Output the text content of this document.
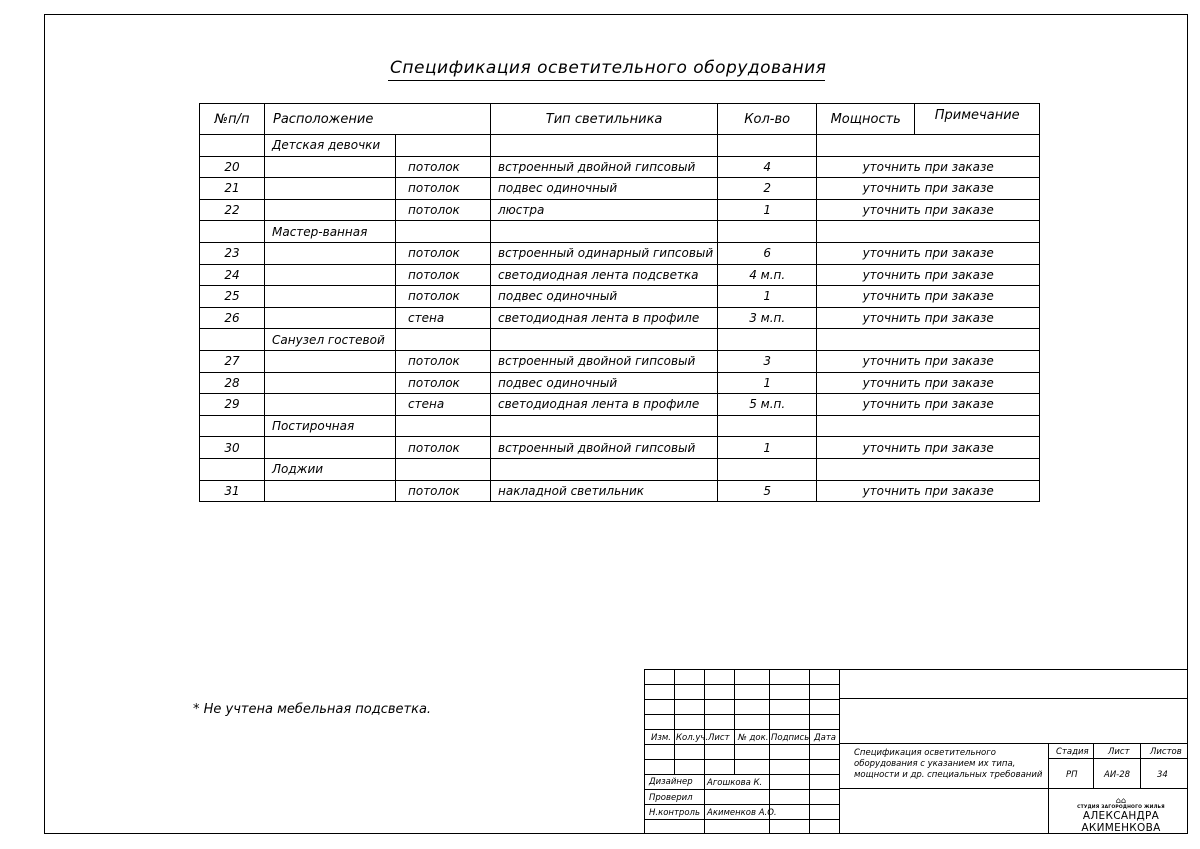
Спецификация осветительного оборудования
№п/п	Расположение		Тип светильника	Кол-во	Мощность	Примечание
	Детская девочки					
20		потолок	встроенный двойной гипсовый	4	уточнить при заказе	
21		потолок	подвес одиночный	2	уточнить при заказе	
22		потолок	люстра	1	уточнить при заказе	
	Мастер-ванная					
23		потолок	встроенный одинарный гипсовый	6	уточнить при заказе	
24		потолок	светодиодная лента подсветка	4 м.п.	уточнить при заказе	
25		потолок	подвес одиночный	1	уточнить при заказе	
26		стена	светодиодная лента в профиле	3 м.п.	уточнить при заказе	
	Санузел гостевой					
27		потолок	встроенный двойной гипсовый	3	уточнить при заказе	
28		потолок	подвес одиночный	1	уточнить при заказе	
29		стена	светодиодная лента в профиле	5 м.п.	уточнить при заказе	
	Постирочная					
30		потолок	встроенный двойной гипсовый	1	уточнить при заказе	
	Лоджии					
31		потолок	накладной светильник	5	уточнить при заказе	
* Не учтена мебельная подсветка.
Изм. Кол.уч. Лист № док. Подпись Дата
Дизайнер Агошкова К.
Проверил
Н.контроль Акименков А.О.
Спецификация осветительного
оборудования с указанием их типа,
мощности и др. специальных требований
Стадия Лист Листов
РП	АИ-28	34
⌂⌂
СТУДИЯ ЗАГОРОДНОГО ЖИЛЬЯ
АЛЕКСАНДРА АКИМЕНКОВА
